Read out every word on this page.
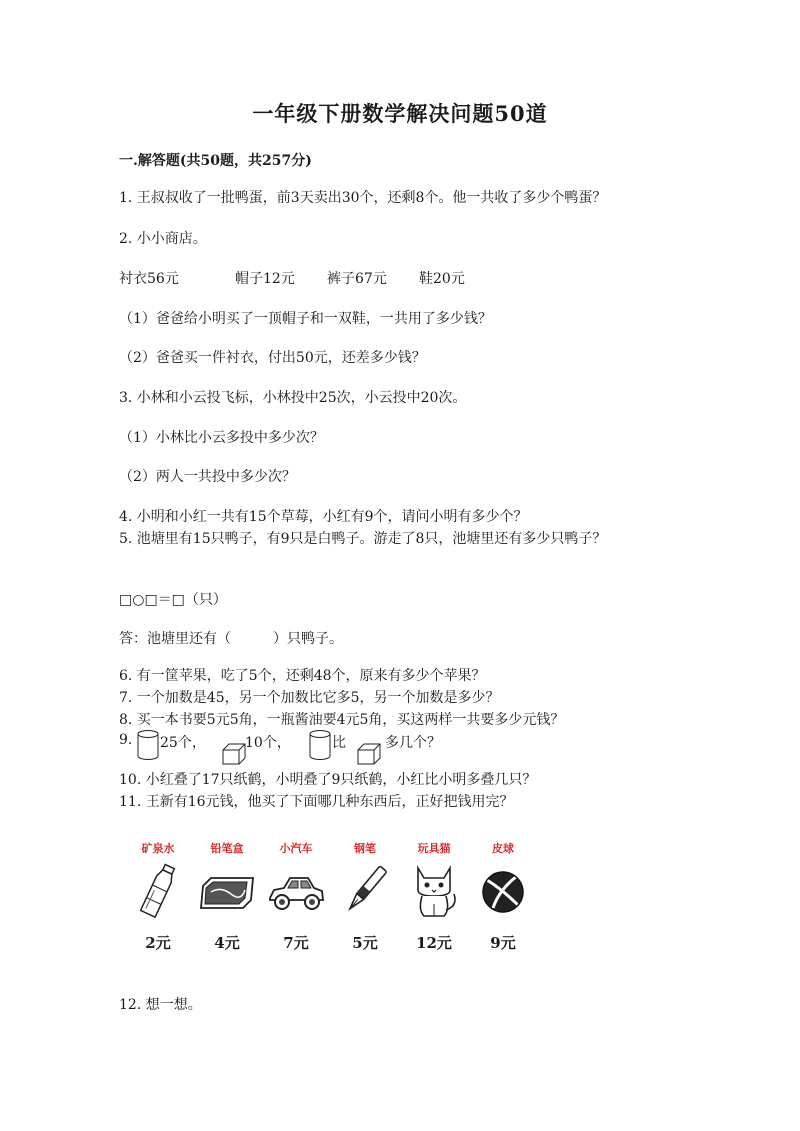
一年级下册数学解决问题50道
一.解答题(共50题，共257分)
1. 王叔叔收了一批鸭蛋，前3天卖出30个，还剩8个。他一共收了多少个鸭蛋？
2. 小小商店。
衬衣56元	帽子12元 裤子67元 鞋20元
（1）爸爸给小明买了一顶帽子和一双鞋，一共用了多少钱？
（2）爸爸买一件衬衣，付出50元，还差多少钱？
3. 小林和小云投飞标，小林投中25次，小云投中20次。
（1）小林比小云多投中多少次？
（2）两人一共投中多少次？
4. 小明和小红一共有15个草莓，小红有9个，请问小明有多少个？
5. 池塘里有15只鸭子，有9只是白鸭子。游走了8只，池塘里还有多少只鸭子？
□○□＝□（只）
答：池塘里还有（　　　）只鸭子。
6. 有一筐苹果，吃了5个，还剩48个，原来有多少个苹果？
7. 一个加数是45，另一个加数比它多5，另一个加数是多少？
8. 买一本书要5元5角，一瓶酱油要4元5角，买这两样一共要多少元钱？
9. 25个，	10个，	比	多几个？
10. 小红叠了17只纸鹤，小明叠了9只纸鹤，小红比小明多叠几只？
11. 王新有16元钱，他买了下面哪几种东西后，正好把钱用完？
矿泉水
2元
铅笔盒
4元
小汽车
7元
钢笔
5元
玩具猫
12元
皮球
9元
12. 想一想。
